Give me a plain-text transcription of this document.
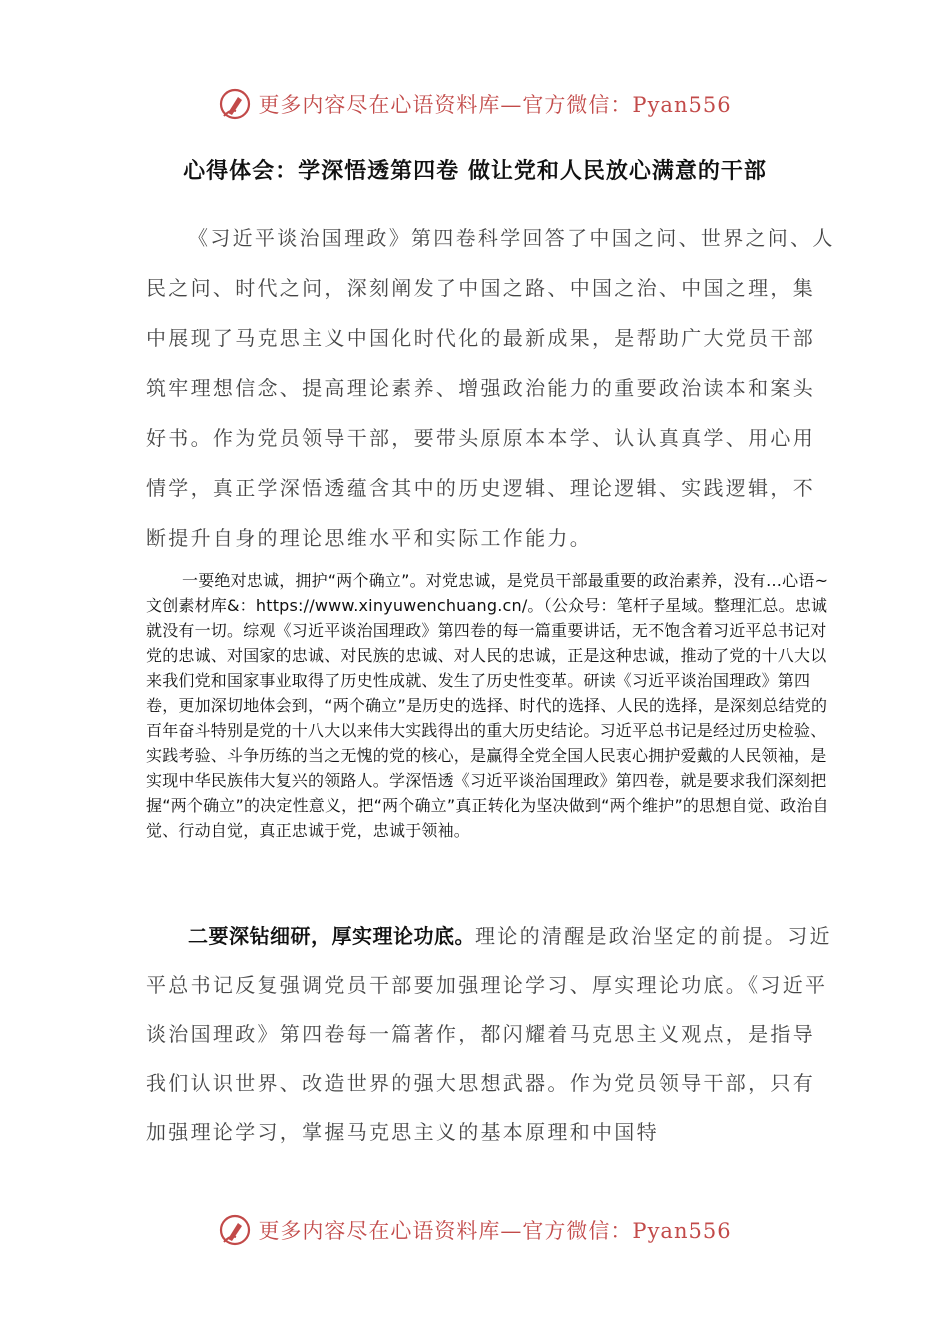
更多内容尽在心语资料库—官方微信：Pyan556
心得体会：学深悟透第四卷 做让党和人民放心满意的干部

《习近平谈治国理政》第四卷科学回答了中国之问、世界之问、人民之问、时代之问，深刻阐发了中国之路、中国之治、中国之理，集中展现了马克思主义中国化时代化的最新成果，是帮助广大党员干部筑牢理想信念、提高理论素养、增强政治能力的重要政治读本和案头好书。作为党员领导干部，要带头原原本本学、认认真真学、用心用情学，真正学深悟透蕴含其中的历史逻辑、理论逻辑、实践逻辑，不断提升自身的理论思维水平和实际工作能力。

一要绝对忠诚，拥护“两个确立”。对党忠诚，是党员干部最重要的政治素养，没有…心语~文创素材库&：https://www.xinyuwenchuang.cn/。（公众号：笔杆子星域。整理汇总。忠诚就没有一切。综观《习近平谈治国理政》第四卷的每一篇重要讲话，无不饱含着习近平总书记对党的忠诚、对国家的忠诚、对民族的忠诚、对人民的忠诚，正是这种忠诚，推动了党的十八大以来我们党和国家事业取得了历史性成就、发生了历史性变革。研读《习近平谈治国理政》第四卷，更加深切地体会到，“两个确立”是历史的选择、时代的选择、人民的选择，是深刻总结党的百年奋斗特别是党的十八大以来伟大实践得出的重大历史结论。习近平总书记是经过历史检验、实践考验、斗争历练的当之无愧的党的核心，是赢得全党全国人民衷心拥护爱戴的人民领袖，是实现中华民族伟大复兴的领路人。学深悟透《习近平谈治国理政》第四卷，就是要求我们深刻把握“两个确立”的决定性意义，把“两个确立”真正转化为坚决做到“两个维护”的思想自觉、政治自觉、行动自觉，真正忠诚于党，忠诚于领袖。

二要深钻细研，厚实理论功底。理论的清醒是政治坚定的前提。习近平总书记反复强调党员干部要加强理论学习、厚实理论功底。《习近平谈治国理政》第四卷每一篇著作，都闪耀着马克思主义观点，是指导我们认识世界、改造世界的强大思想武器。作为党员领导干部，只有加强理论学习，掌握马克思主义的基本原理和中国特

更多内容尽在心语资料库—官方微信：Pyan556
